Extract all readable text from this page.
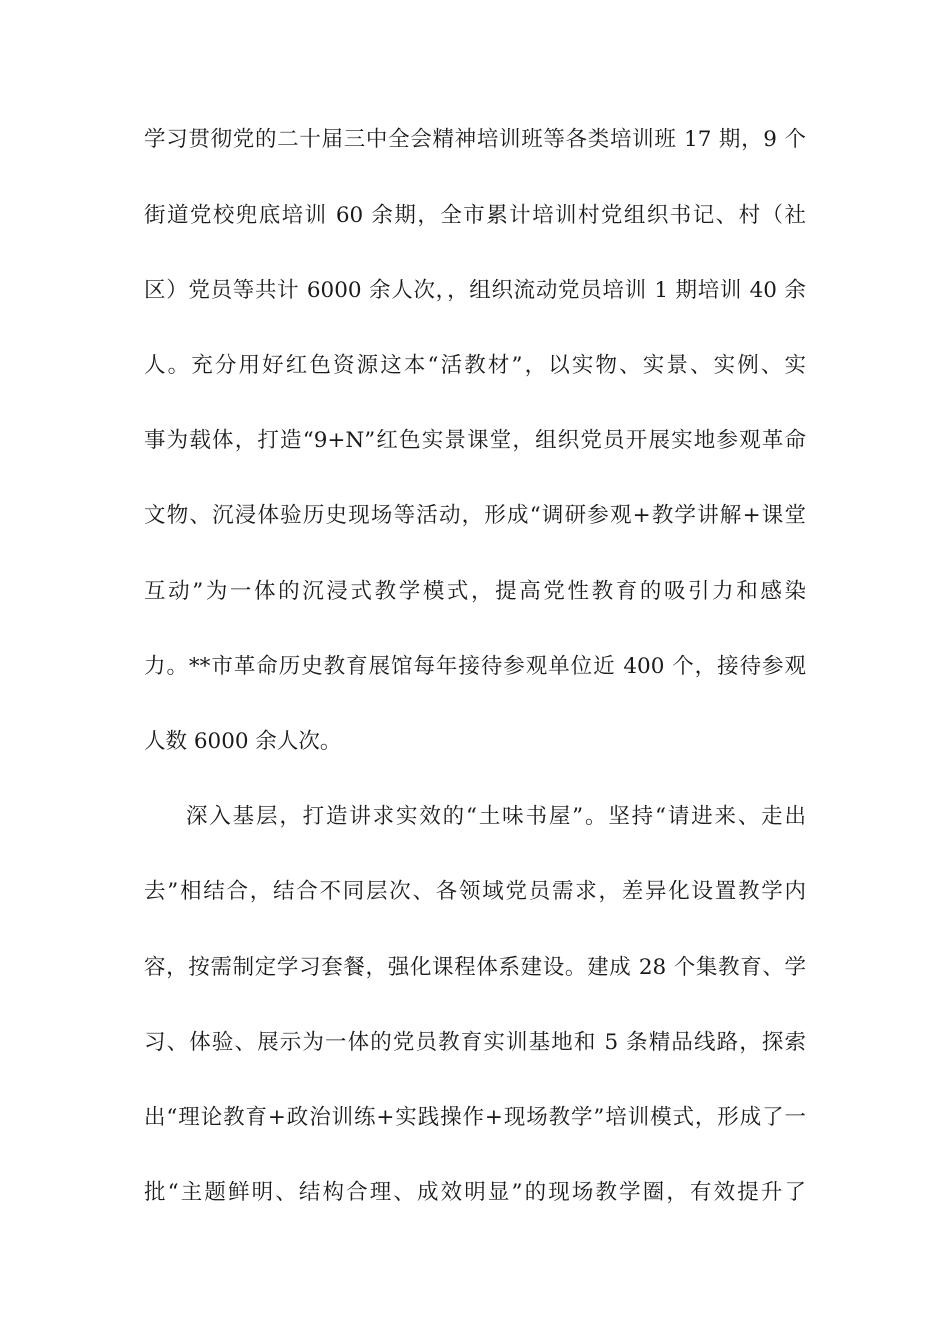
学习贯彻党的二十届三中全会精神培训班等各类培训班 17 期，9 个
街道党校兜底培训 60 余期，全市累计培训村党组织书记、村（社
区）党员等共计 6000 余人次，，组织流动党员培训 1 期培训 40 余
人。充分用好红色资源这本“活教材”，以实物、实景、实例、实
事为载体，打造“9+N”红色实景课堂，组织党员开展实地参观革命
文物、沉浸体验历史现场等活动，形成“调研参观+教学讲解+课堂
互动”为一体的沉浸式教学模式，提高党性教育的吸引力和感染
力。**市革命历史教育展馆每年接待参观单位近 400 个，接待参观
人数 6000 余人次。
深入基层，打造讲求实效的“土味书屋”。坚持“请进来、走出
去”相结合，结合不同层次、各领域党员需求，差异化设置教学内
容，按需制定学习套餐，强化课程体系建设。建成 28 个集教育、学
习、体验、展示为一体的党员教育实训基地和 5 条精品线路，探索
出“理论教育+政治训练+实践操作+现场教学”培训模式，形成了一
批“主题鲜明、结构合理、成效明显”的现场教学圈，有效提升了
